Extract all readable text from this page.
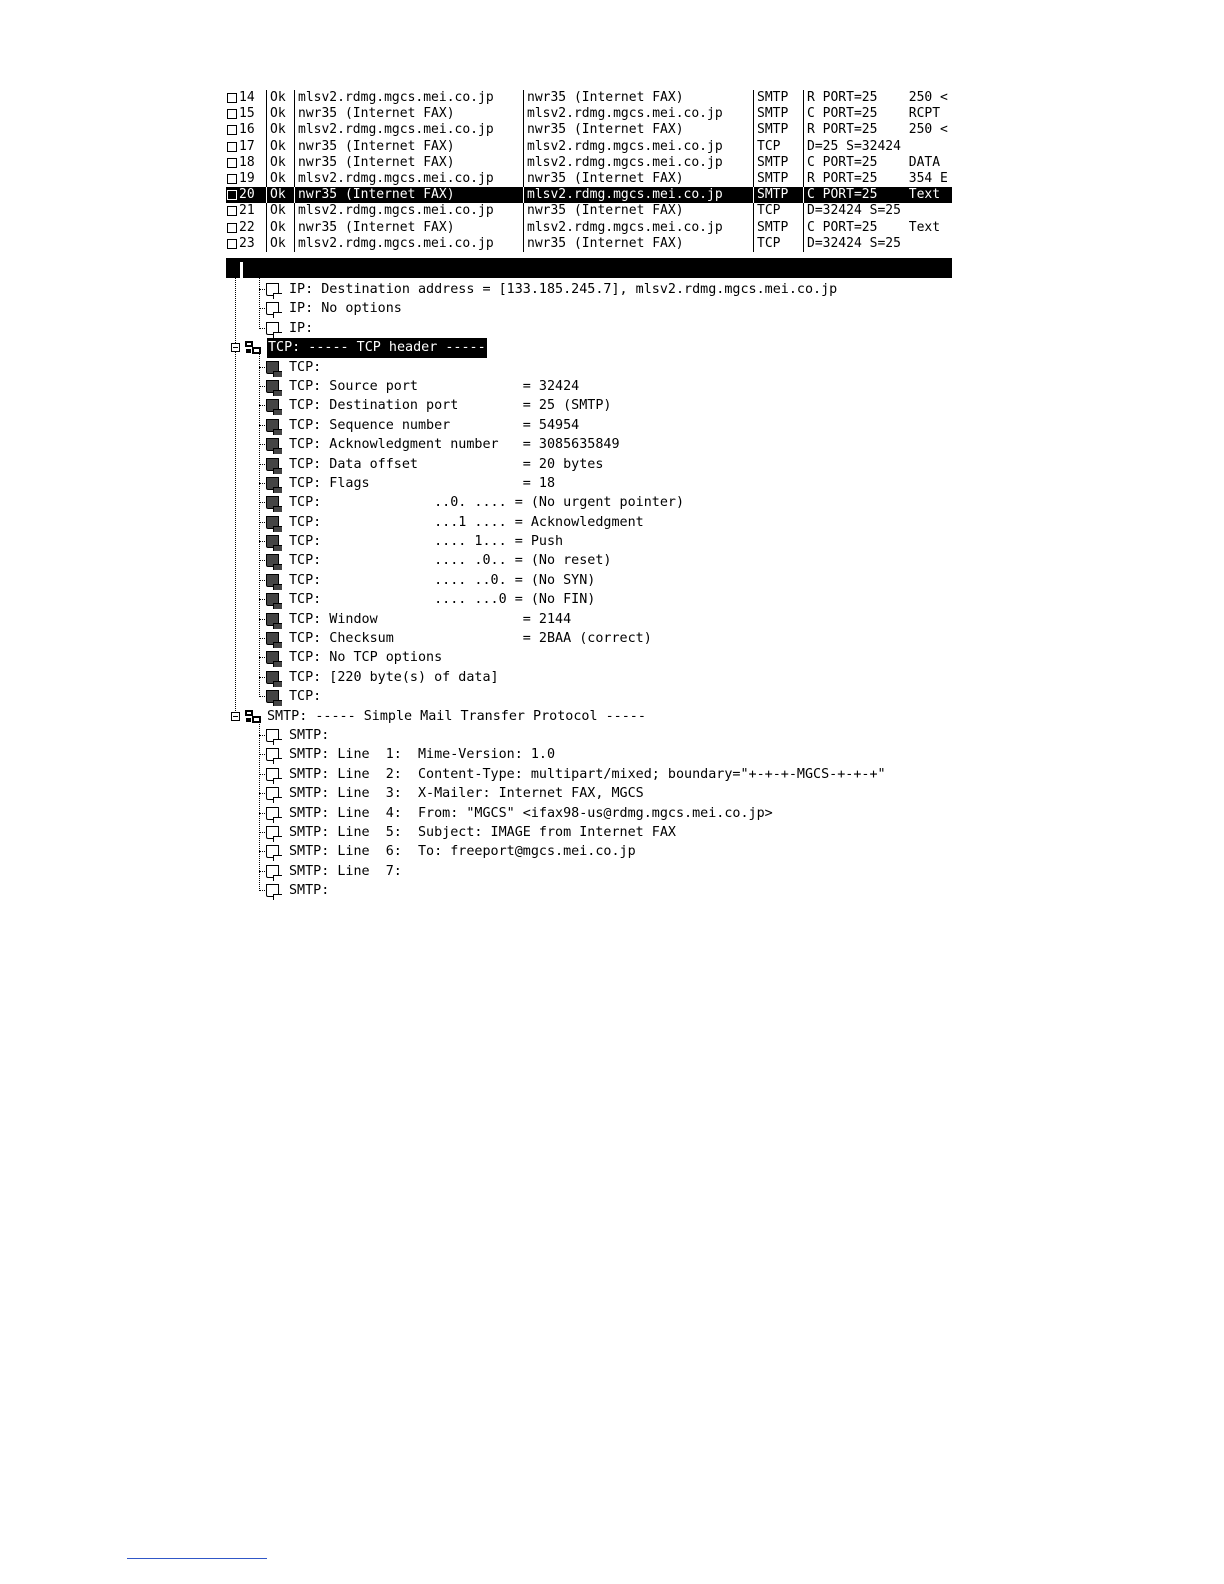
14	Ok mlsv2.rdmg.mgcs.mei.co.jp	nwr35 (Internet FAX)	SMTP	R PORT=25    250 <
15	Ok nwr35 (Internet FAX)	mlsv2.rdmg.mgcs.mei.co.jp	SMTP	C PORT=25    RCPT
16	Ok mlsv2.rdmg.mgcs.mei.co.jp	nwr35 (Internet FAX)	SMTP	R PORT=25    250 <
17	Ok nwr35 (Internet FAX)	mlsv2.rdmg.mgcs.mei.co.jp	TCP	D=25 S=32424
18	Ok nwr35 (Internet FAX)	mlsv2.rdmg.mgcs.mei.co.jp	SMTP	C PORT=25    DATA
19	Ok mlsv2.rdmg.mgcs.mei.co.jp	nwr35 (Internet FAX)	SMTP	R PORT=25    354 E
20	Ok nwr35 (Internet FAX)	mlsv2.rdmg.mgcs.mei.co.jp	SMTP	C PORT=25    Text
21	Ok mlsv2.rdmg.mgcs.mei.co.jp	nwr35 (Internet FAX)	TCP	D=32424 S=25
22	Ok nwr35 (Internet FAX)	mlsv2.rdmg.mgcs.mei.co.jp	SMTP	C PORT=25    Text
23	Ok mlsv2.rdmg.mgcs.mei.co.jp	nwr35 (Internet FAX)	TCP	D=32424 S=25
IP: Destination address = [133.185.245.7], mlsv2.rdmg.mgcs.mei.co.jp
IP: No options
IP:
TCP: ----- TCP header -----
TCP:
TCP: Source port             = 32424
TCP: Destination port        = 25 (SMTP)
TCP: Sequence number         = 54954
TCP: Acknowledgment number   = 3085635849
TCP: Data offset             = 20 bytes
TCP: Flags                   = 18
TCP:              ..0. .... = (No urgent pointer)
TCP:              ...1 .... = Acknowledgment
TCP:              .... 1... = Push
TCP:              .... .0.. = (No reset)
TCP:              .... ..0. = (No SYN)
TCP:              .... ...0 = (No FIN)
TCP: Window                  = 2144
TCP: Checksum                = 2BAA (correct)
TCP: No TCP options
TCP: [220 byte(s) of data]
TCP:
SMTP: ----- Simple Mail Transfer Protocol -----
SMTP:
SMTP: Line  1:  Mime-Version: 1.0
SMTP: Line  2:  Content-Type: multipart/mixed; boundary="+-+-+-MGCS-+-+-+"
SMTP: Line  3:  X-Mailer: Internet FAX, MGCS
SMTP: Line  4:  From: "MGCS" <ifax98-us@rdmg.mgcs.mei.co.jp>
SMTP: Line  5:  Subject: IMAGE from Internet FAX
SMTP: Line  6:  To: freeport@mgcs.mei.co.jp
SMTP: Line  7:
SMTP:
